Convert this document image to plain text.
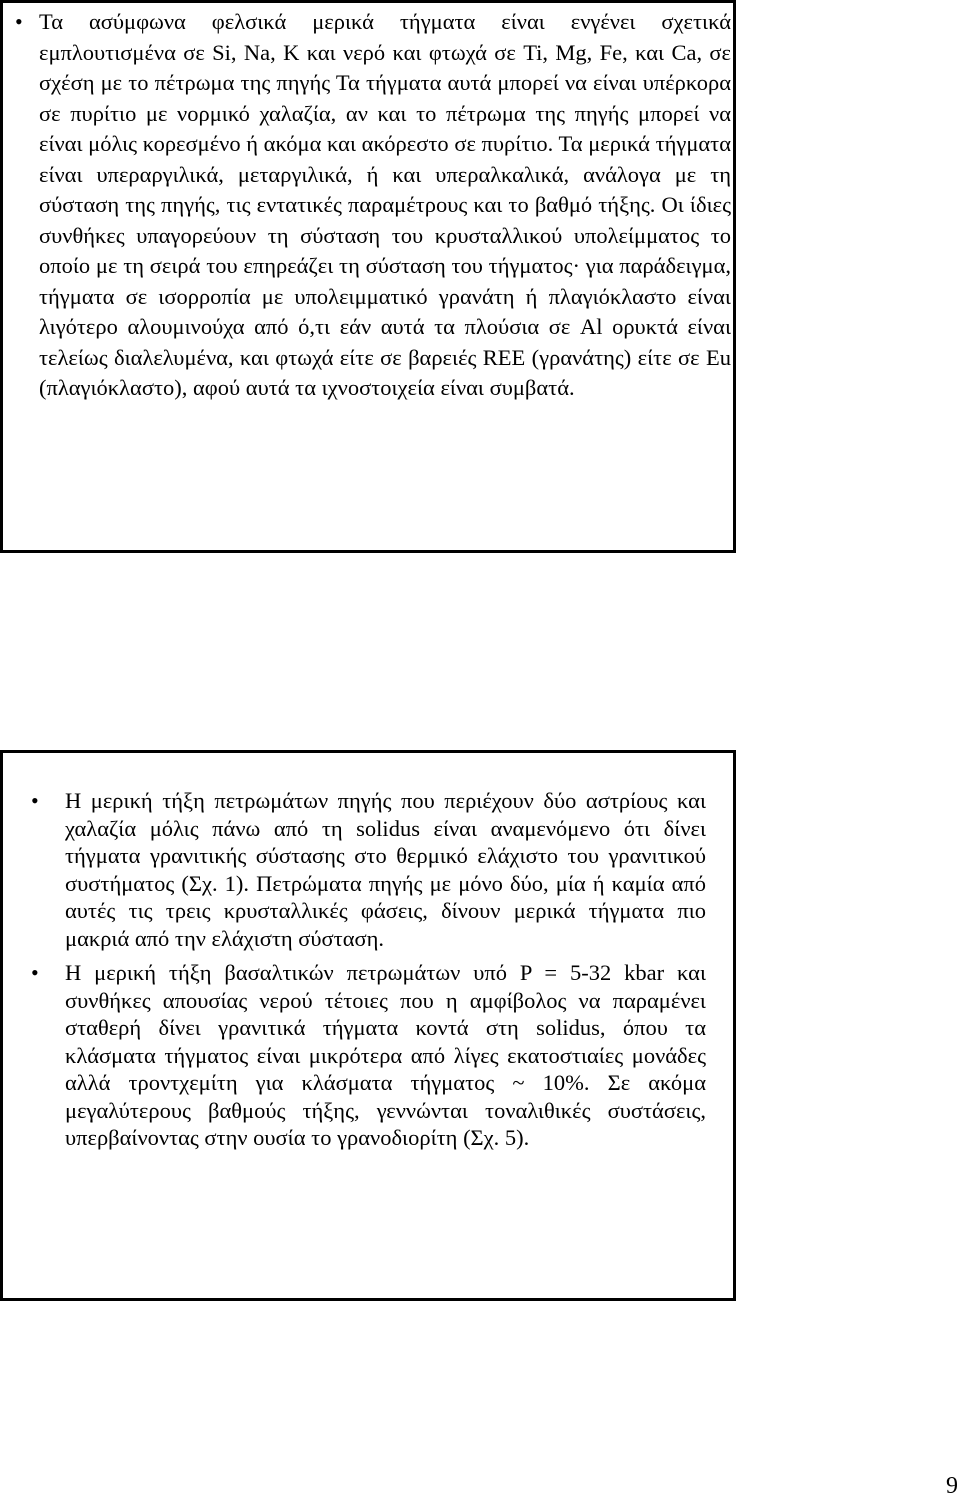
• Τα ασύμφωνα φελσικά μερικά τήγματα είναι ενγένει σχετικά εμπλουτισμένα σε Si, Na, K και νερό και φτωχά σε Ti, Mg, Fe, και Ca, σε σχέση με το πέτρωμα της πηγής Τα τήγματα αυτά μπορεί να είναι υπέρκορα σε πυρίτιο με νορμικό χαλαζία, αν και το πέτρωμα της πηγής μπορεί να είναι μόλις κορεσμένο ή ακόμα και ακόρεστο σε πυρίτιο. Τα μερικά τήγματα είναι υπεραργιλικά, μεταργιλικά, ή και υπεραλκαλικά, ανάλογα με τη σύσταση της πηγής, τις εντατικές παραμέτρους και το βαθμό τήξης. Οι ίδιες συνθήκες υπαγορεύουν τη σύσταση του κρυσταλλικού υπολείμματος το οποίο με τη σειρά του επηρεάζει τη σύσταση του τήγματος· για παράδειγμα, τήγματα σε ισορροπία με υπολειμματικό γρανάτη ή πλαγιόκλαστο είναι λιγότερο αλουμινούχα από ό,τι εάν αυτά τα πλούσια σε Al ορυκτά είναι τελείως διαλελυμένα, και φτωχά είτε σε βαρειές REE (γρανάτης) είτε σε Eu (πλαγιόκλαστο), αφού αυτά τα ιχνοστοιχεία είναι συμβατά.
• Η μερική τήξη πετρωμάτων πηγής που περιέχουν δύο αστρίους και χαλαζία μόλις πάνω από τη solidus είναι αναμενόμενο ότι δίνει τήγματα γρανιτικής σύστασης στο θερμικό ελάχιστο του γρανιτικού συστήματος (Σχ. 1). Πετρώματα πηγής με μόνο δύο, μία ή καμία από αυτές τις τρεις κρυσταλλικές φάσεις, δίνουν μερικά τήγματα πιο μακριά από την ελάχιστη σύσταση.
• Η μερική τήξη βασαλτικών πετρωμάτων υπό P = 5-32 kbar και συνθήκες απουσίας νερού τέτοιες που η αμφίβολος να παραμένει σταθερή δίνει γρανιτικά τήγματα κοντά στη solidus, όπου τα κλάσματα τήγματος είναι μικρότερα από λίγες εκατοστιαίες μονάδες αλλά τροντχεμίτη για κλάσματα τήγματος ~ 10%. Σε ακόμα μεγαλύτερους βαθμούς τήξης, γεννώνται τοναλιθικές συστάσεις, υπερβαίνοντας στην ουσία το γρανοδιορίτη (Σχ. 5).
9
